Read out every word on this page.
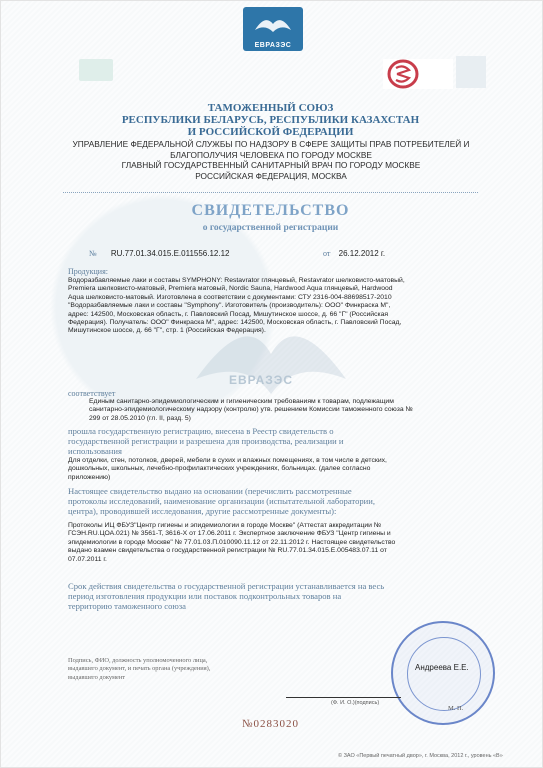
ЕВРАЗЭС
ТАМОЖЕННЫЙ СОЮЗ
РЕСПУБЛИКИ БЕЛАРУСЬ, РЕСПУБЛИКИ КАЗАХСТАН
И РОССИЙСКОЙ ФЕДЕРАЦИИ
УПРАВЛЕНИЕ ФЕДЕРАЛЬНОЙ СЛУЖБЫ ПО НАДЗОРУ В СФЕРЕ ЗАЩИТЫ ПРАВ ПОТРЕБИТЕЛЕЙ И
БЛАГОПОЛУЧИЯ ЧЕЛОВЕКА ПО ГОРОДУ МОСКВЕ
ГЛАВНЫЙ ГОСУДАРСТВЕННЫЙ САНИТАРНЫЙ ВРАЧ ПО ГОРОДУ МОСКВЕ
РОССИЙСКАЯ ФЕДЕРАЦИЯ, МОСКВА
СВИДЕТЕЛЬСТВО
о государственной регистрации
№ RU.77.01.34.015.Е.011556.12.12	от 26.12.2012 г.
Продукция:
Водоразбавляемые лаки и составы SYMPHONY: Restavrator глянцевый, Restavrator шелковисто-матовый,
Premiera шелковисто-матовый, Premiera матовый, Nordic Sauna, Hardwood Aqua глянцевый, Hardwood
Aqua шелковисто-матовый. Изготовлена в соответствии с документами: СТУ 2316-004-88698517-2010
"Водоразбавляемые лаки и составы "Symphony". Изготовитель (производитель): ООО" Финкраска М",
адрес: 142500, Московская область, г. Павловский Посад, Мишутинское шоссе, д. 66 "Г" (Российская
Федерация). Получатель: ООО" Финкраска М", адрес: 142500, Московская область, г. Павловский Посад,
Мишутинское шоссе, д. 66 "Г", стр. 1 (Российская Федерация).
ЕВРАЗЭС
соответствует
Единым санитарно-эпидемиологическим и гигиеническим требованиям к товарам, подлежащим
санитарно-эпидемиологическому надзору (контролю) утв. решением Комиссии таможенного союза №
299 от 28.05.2010 (гл. II, разд. 5)
прошла государственную регистрацию, внесена в Реестр свидетельств о
государственной регистрации и разрешена для производства, реализации и
использования
Для отделки, стен, потолков, дверей, мебели в сухих и влажных помещениях, в том числе в детских,
дошкольных, школьных, лечебно-профилактических учреждениях, больницах. (далее согласно
приложению)
Настоящее свидетельство выдано на основании (перечислить рассмотренные
протоколы исследований, наименование организации (испытательной лаборатории,
центра), проводившей исследования, другие рассмотренные документы):
Протоколы ИЦ ФБУЗ"Центр гигиены и эпидемиологии в городе Москве" (Аттестат аккредитации №
ГСЭН.RU.ЦОА.021) № 3561-Т, 3616-Х от 17.06.2011 г. Экспертное заключение ФБУЗ "Центр гигиены и
эпидемиологии в городе Москве" № 77.01.03.П.010090.11.12 от 22.11.2012 г. Настоящее свидетельство
выдано взамен свидетельства о государственной регистрации № RU.77.01.34.015.Е.005483.07.11 от
07.07.2011 г.
Срок действия свидетельства о государственной регистрации устанавливается на весь
период изготовления продукции или поставок подконтрольных товаров на
территорию таможенного союза
Подпись, ФИО, должность уполномоченного лица,
выдавшего документ, и печать органа (учреждения),
выдавшего документ
Андреева Е.Е.
(Ф. И. О.)(подпись)
М. П.
№0283020
© ЗАО «Первый печатный двор», г. Москва, 2012 г., уровень «В»
